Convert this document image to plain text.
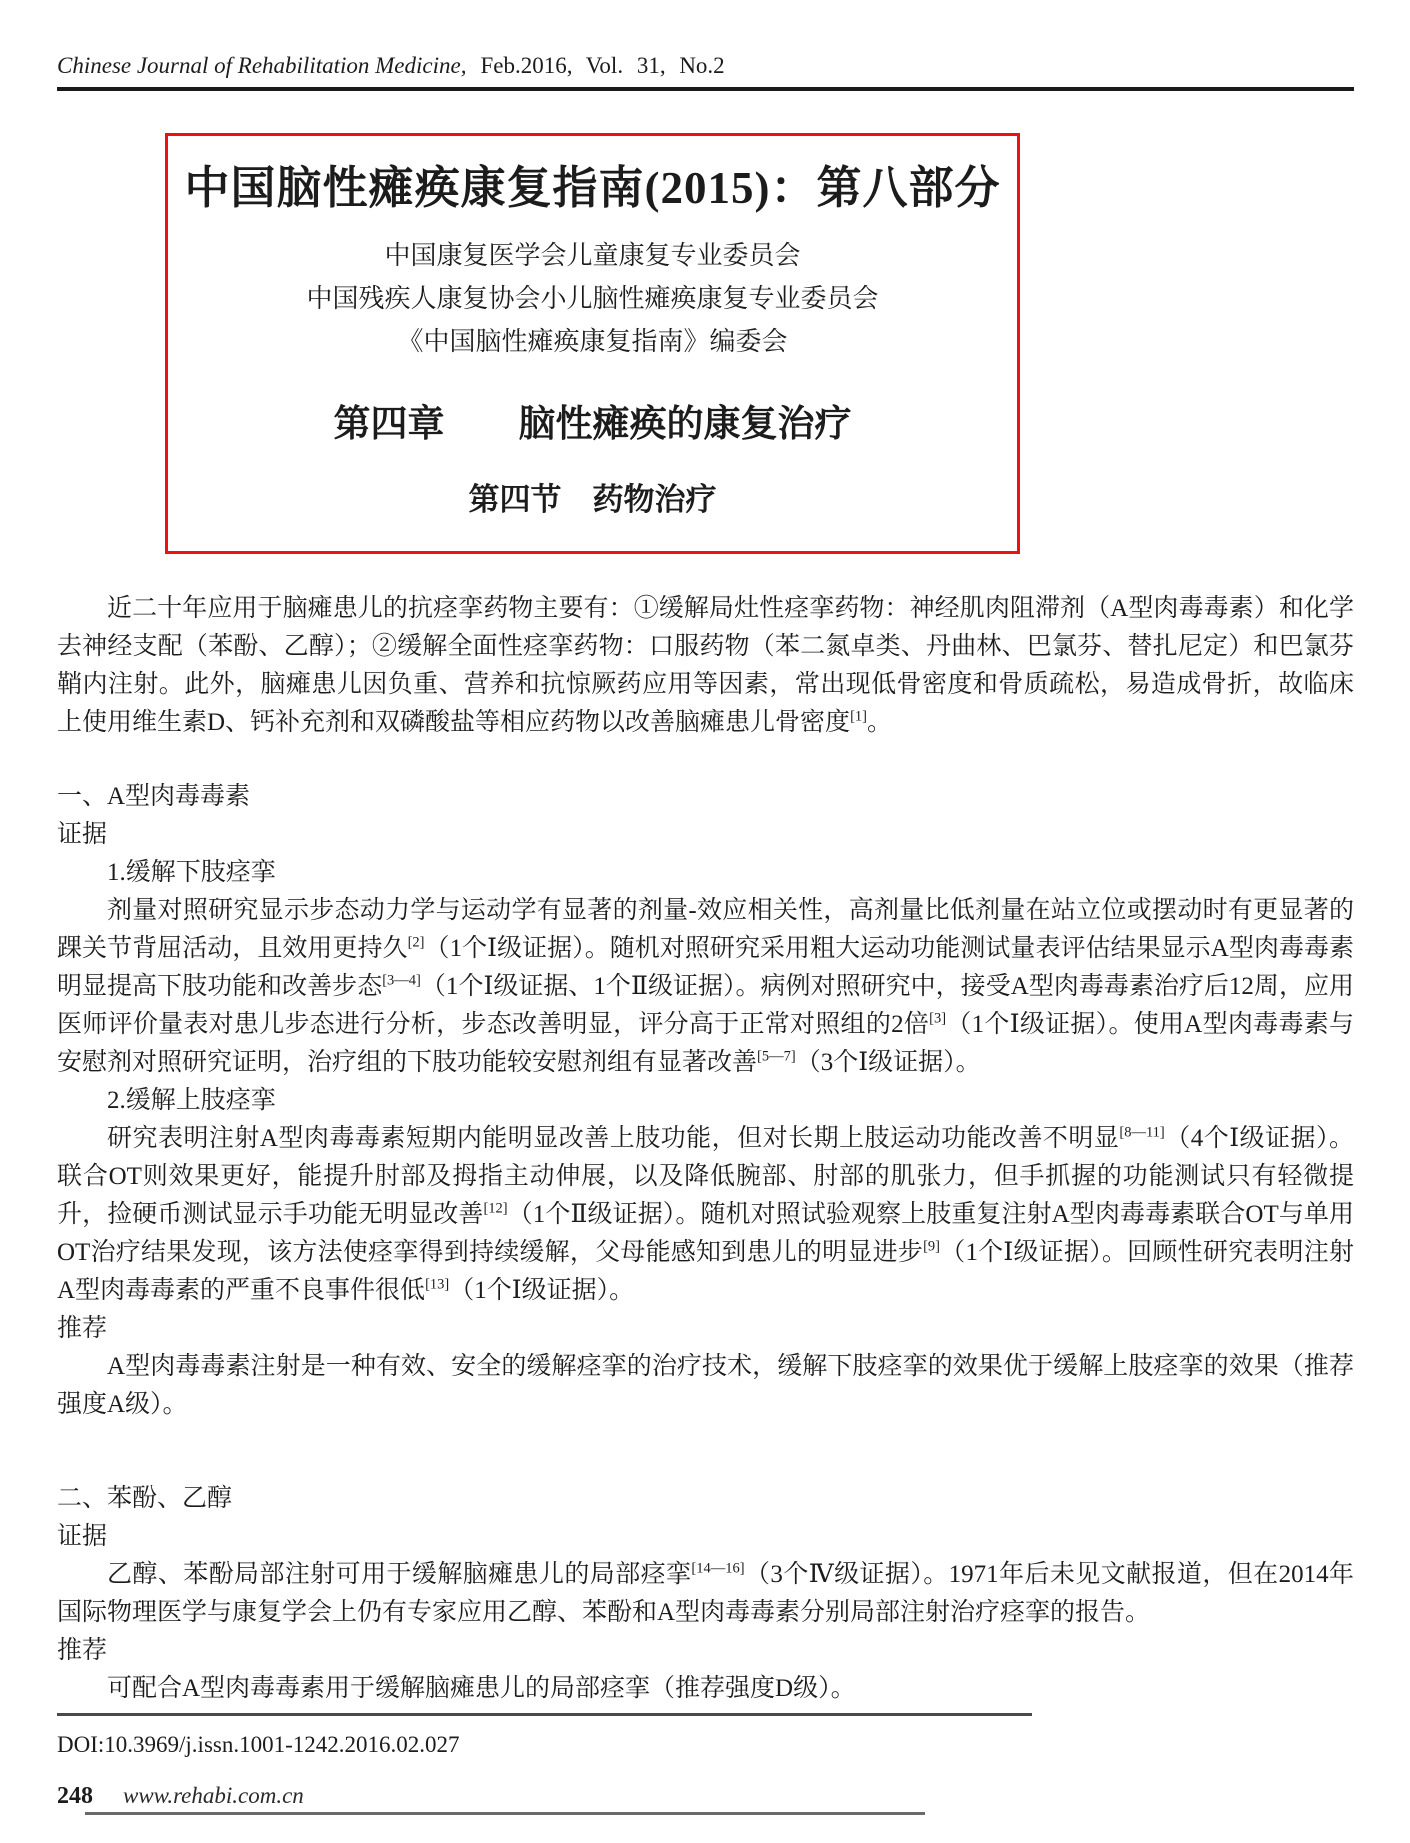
Chinese Journal of Rehabilitation Medicine, Feb.2016, Vol. 31, No.2
中国脑性瘫痪康复指南(2015)：第八部分
中国康复医学会儿童康复专业委员会
中国残疾人康复协会小儿脑性瘫痪康复专业委员会
《中国脑性瘫痪康复指南》编委会
第四章　　脑性瘫痪的康复治疗
第四节　药物治疗
近二十年应用于脑瘫患儿的抗痉挛药物主要有：①缓解局灶性痉挛药物：神经肌肉阻滞剂（A型肉毒毒素）和化学去神经支配（苯酚、乙醇）；②缓解全面性痉挛药物：口服药物（苯二氮卓类、丹曲林、巴氯芬、替扎尼定）和巴氯芬鞘内注射。此外，脑瘫患儿因负重、营养和抗惊厥药应用等因素，常出现低骨密度和骨质疏松，易造成骨折，故临床上使用维生素D、钙补充剂和双磷酸盐等相应药物以改善脑瘫患儿骨密度[1]。
一、A型肉毒毒素
证据
1.缓解下肢痉挛
剂量对照研究显示步态动力学与运动学有显著的剂量-效应相关性，高剂量比低剂量在站立位或摆动时有更显著的踝关节背屈活动，且效用更持久[2]（1个Ⅰ级证据）。随机对照研究采用粗大运动功能测试量表评估结果显示A型肉毒毒素明显提高下肢功能和改善步态[3—4]（1个Ⅰ级证据、1个Ⅱ级证据）。病例对照研究中，接受A型肉毒毒素治疗后12周，应用医师评价量表对患儿步态进行分析，步态改善明显，评分高于正常对照组的2倍[3]（1个Ⅰ级证据）。使用A型肉毒毒素与安慰剂对照研究证明，治疗组的下肢功能较安慰剂组有显著改善[5—7]（3个Ⅰ级证据）。
2.缓解上肢痉挛
研究表明注射A型肉毒毒素短期内能明显改善上肢功能，但对长期上肢运动功能改善不明显[8—11]（4个Ⅰ级证据）。联合OT则效果更好，能提升肘部及拇指主动伸展，以及降低腕部、肘部的肌张力，但手抓握的功能测试只有轻微提升，捡硬币测试显示手功能无明显改善[12]（1个Ⅱ级证据）。随机对照试验观察上肢重复注射A型肉毒毒素联合OT与单用OT治疗结果发现，该方法使痉挛得到持续缓解，父母能感知到患儿的明显进步[9]（1个Ⅰ级证据）。回顾性研究表明注射A型肉毒毒素的严重不良事件很低[13]（1个Ⅰ级证据）。
推荐
A型肉毒毒素注射是一种有效、安全的缓解痉挛的治疗技术，缓解下肢痉挛的效果优于缓解上肢痉挛的效果（推荐强度A级）。
二、苯酚、乙醇
证据
乙醇、苯酚局部注射可用于缓解脑瘫患儿的局部痉挛[14—16]（3个Ⅳ级证据）。1971年后未见文献报道，但在2014年国际物理医学与康复学会上仍有专家应用乙醇、苯酚和A型肉毒毒素分别局部注射治疗痉挛的报告。
推荐
可配合A型肉毒毒素用于缓解脑瘫患儿的局部痉挛（推荐强度D级）。
DOI:10.3969/j.issn.1001-1242.2016.02.027
248 www.rehabi.com.cn
